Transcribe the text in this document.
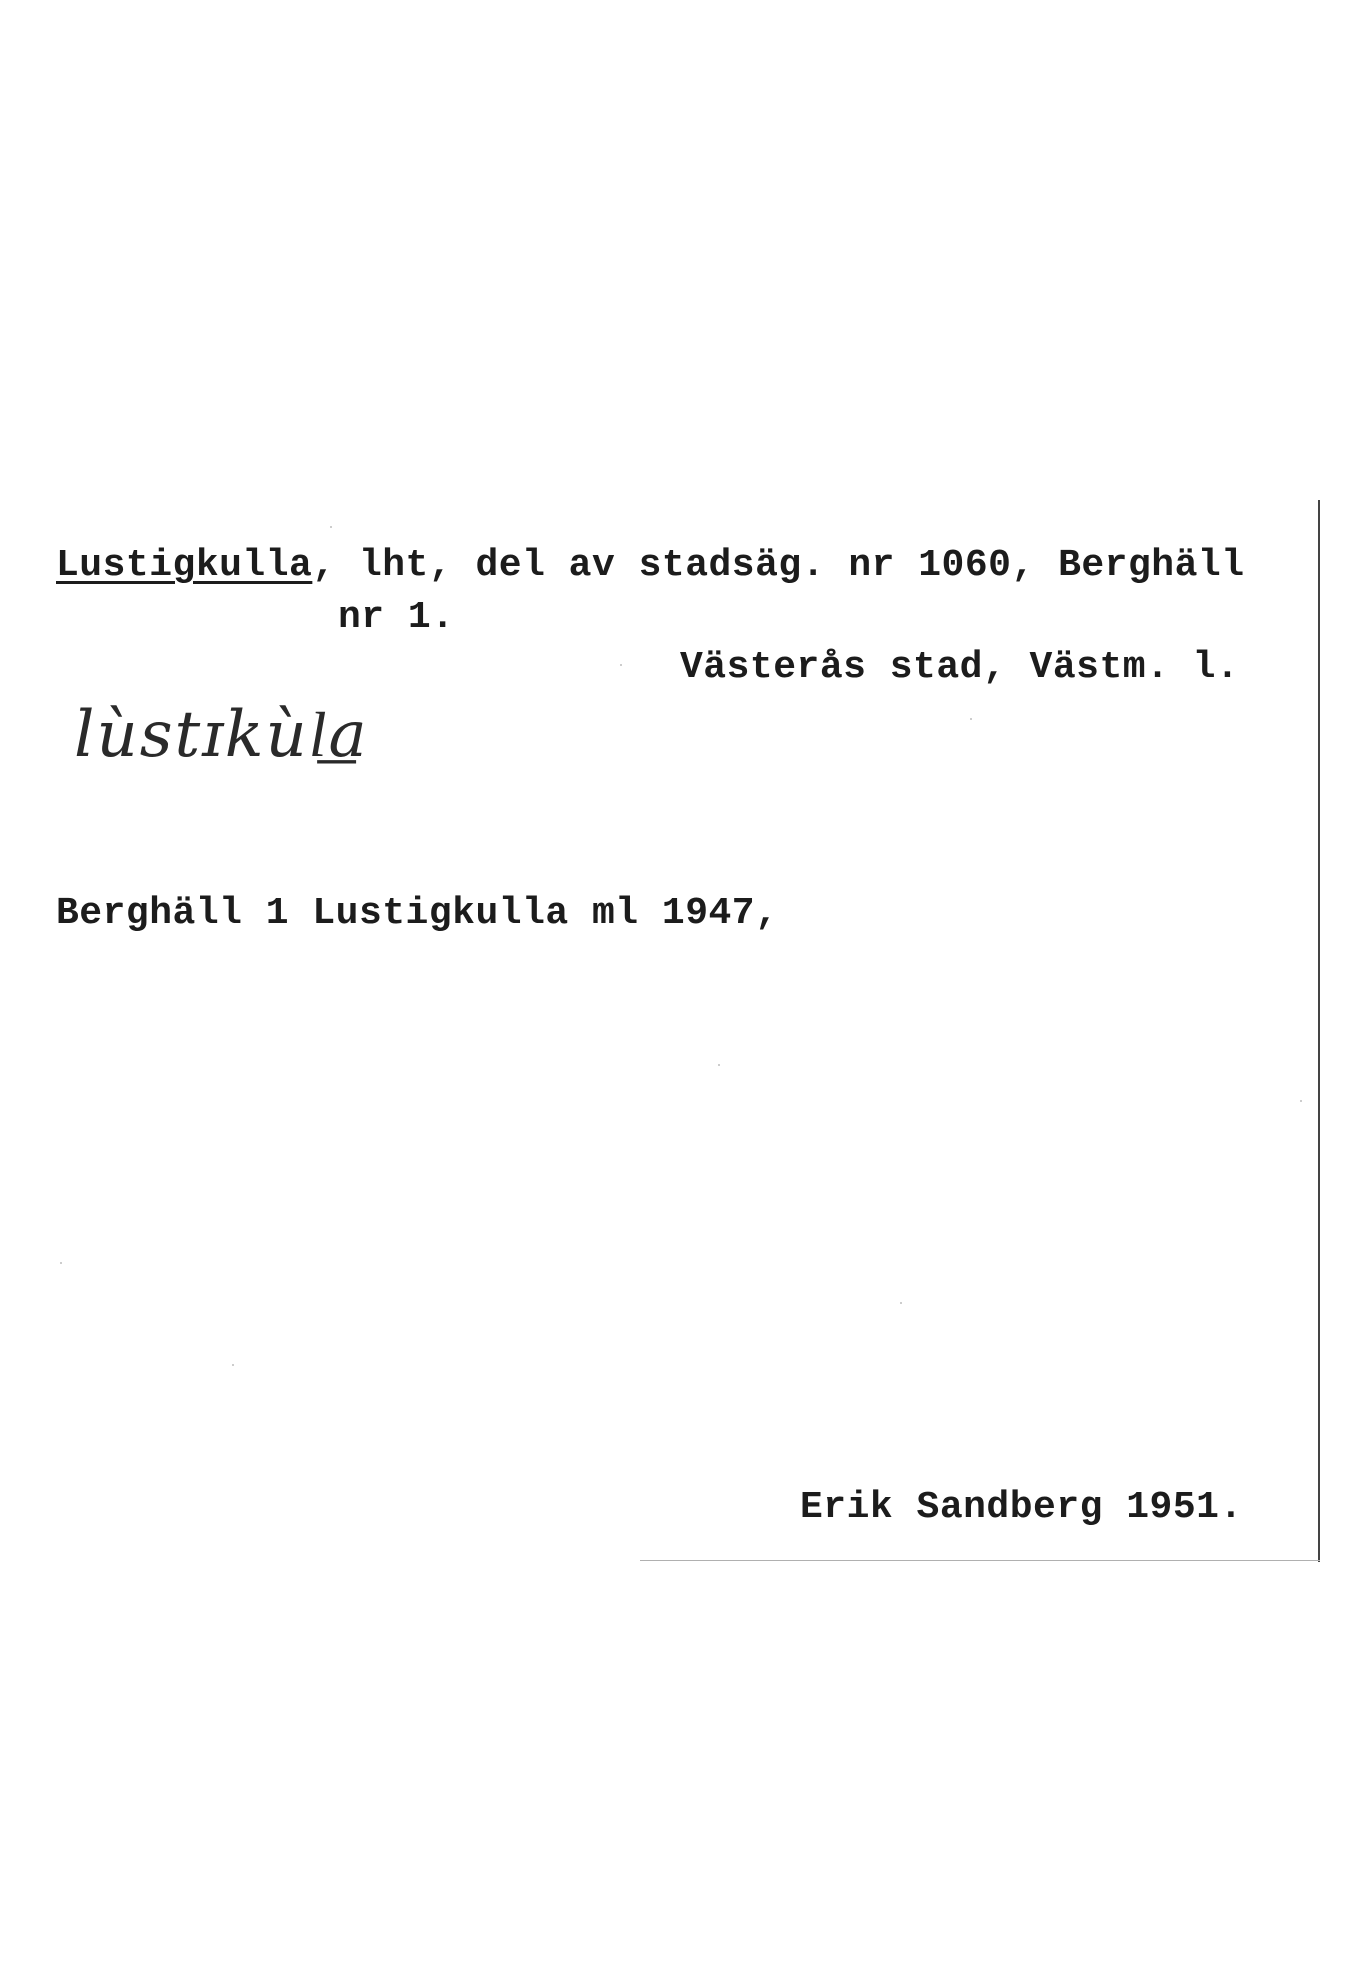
Lustigkulla, lht, del av stadsäg. nr 1060, Berghäll
nr 1.
Västerås stad, Västm. l.
lùstɪkùl͟a
Berghäll 1 Lustigkulla ml 1947,
Erik Sandberg 1951.
